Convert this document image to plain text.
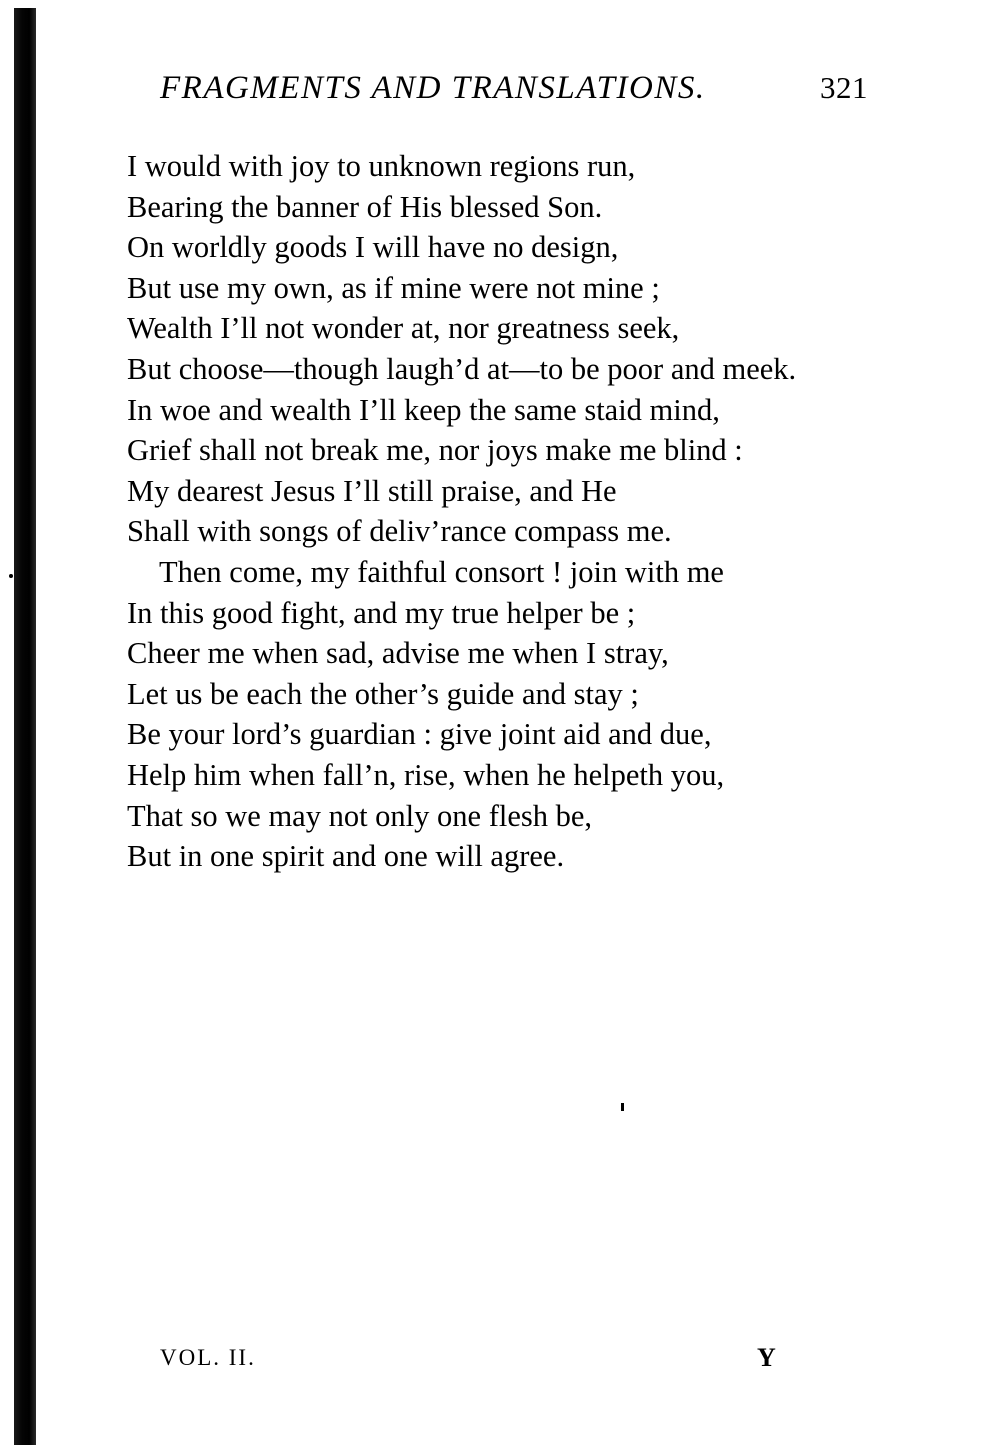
FRAGMENTS AND TRANSLATIONS.	321
I would with joy to unknown regions run,
Bearing the banner of His blessed Son.
On worldly goods I will have no design,
But use my own, as if mine were not mine ;
Wealth I’ll not wonder at, nor greatness seek,
But choose—though laugh’d at—to be poor and meek.
In woe and wealth I’ll keep the same staid mind,
Grief shall not break me, nor joys make me blind :
My dearest Jesus I’ll still praise, and He
Shall with songs of deliv’rance compass me.
Then come, my faithful consort ! join with me
In this good fight, and my true helper be ;
Cheer me when sad, advise me when I stray,
Let us be each the other’s guide and stay ;
Be your lord’s guardian : give joint aid and due,
Help him when fall’n, rise, when he helpeth you,
That so we may not only one flesh be,
But in one spirit and one will agree.
VOL. II.	Y
